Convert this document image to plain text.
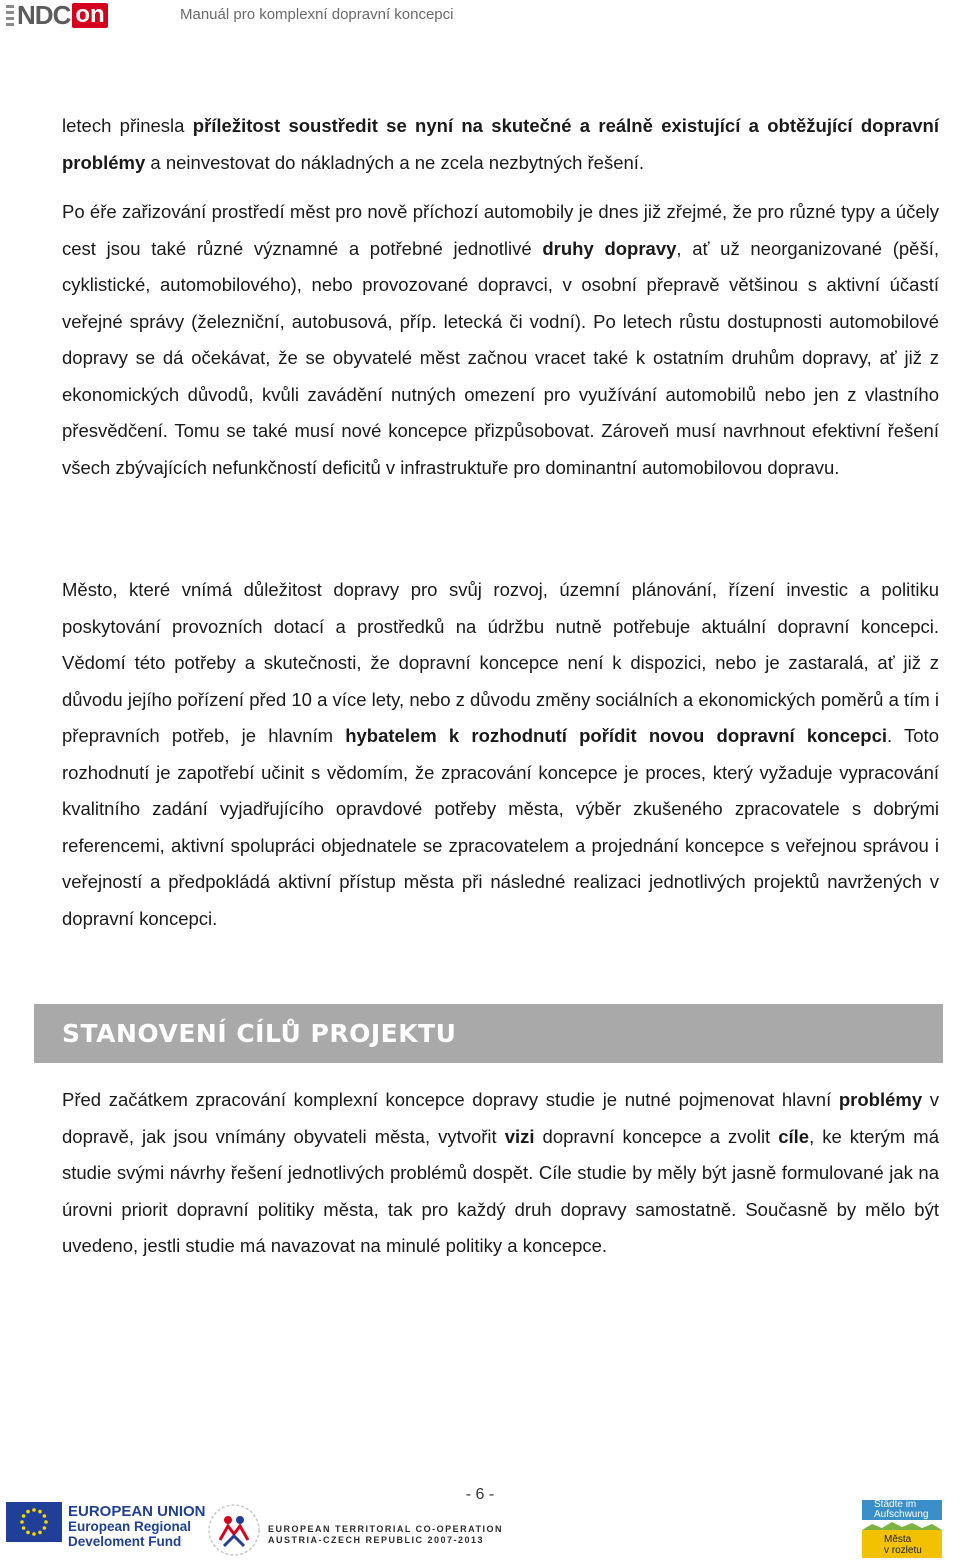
ND C on	Manuál pro komplexní dopravní koncepci

letech přinesla příležitost soustředit se nyní na skutečné a reálně existující a obtěžující dopravní problémy a neinvestovat do nákladných a ne zcela nezbytných řešení.

Po éře zařizování prostředí měst pro nově příchozí automobily je dnes již zřejmé, že pro různé typy a účely cest jsou také různé významné a potřebné jednotlivé druhy dopravy, ať už neorganizované (pěší, cyklistické, automobilového), nebo provozované dopravci, v osobní přepravě většinou s aktivní účastí veřejné správy (železniční, autobusová, příp. letecká či vodní). Po letech růstu dostupnosti automobilové dopravy se dá očekávat, že se obyvatelé měst začnou vracet také k ostatním druhům dopravy, ať již z ekonomických důvodů, kvůli zavádění nutných omezení pro využívání automobilů nebo jen z vlastního přesvědčení. Tomu se také musí nové koncepce přizpůsobovat. Zároveň musí navrhnout efektivní řešení všech zbývajících nefunkčností deficitů v infrastruktuře pro dominantní automobilovou dopravu.

Město, které vnímá důležitost dopravy pro svůj rozvoj, územní plánování, řízení investic a politiku poskytování provozních dotací a prostředků na údržbu nutně potřebuje aktuální dopravní koncepci. Vědomí této potřeby a skutečnosti, že dopravní koncepce není k dispozici, nebo je zastaralá, ať již z důvodu jejího pořízení před 10 a více lety, nebo z důvodu změny sociálních a ekonomických poměrů a tím i přepravních potřeb, je hlavním hybatelem k rozhodnutí pořídit novou dopravní koncepci. Toto rozhodnutí je zapotřebí učinit s vědomím, že zpracování koncepce je proces, který vyžaduje vypracování kvalitního zadání vyjadřujícího opravdové potřeby města, výběr zkušeného zpracovatele s dobrými referencemi, aktivní spolupráci objednatele se zpracovatelem a projednání koncepce s veřejnou správou i veřejností a předpokládá aktivní přístup města při následné realizaci jednotlivých projektů navržených v dopravní koncepci.

STANOVENÍ CÍLŮ PROJEKTU

Před začátkem zpracování komplexní koncepce dopravy studie je nutné pojmenovat hlavní problémy v dopravě, jak jsou vnímány obyvateli města, vytvořit vizi dopravní koncepce a zvolit cíle, ke kterým má studie svými návrhy řešení jednotlivých problémů dospět. Cíle studie by měly být jasně formulované jak na úrovni priorit dopravní politiky města, tak pro každý druh dopravy samostatně. Současně by mělo být uvedeno, jestli studie má navazovat na minulé politiky a koncepce.

- 6 -
EUROPEAN UNION
European Regional
Develoment Fund
EUROPEAN TERRITORIAL CO-OPERATION
AUSTRIA-CZECH REPUBLIC 2007-2013
Städte im
Aufschwung
Města
v rozletu
